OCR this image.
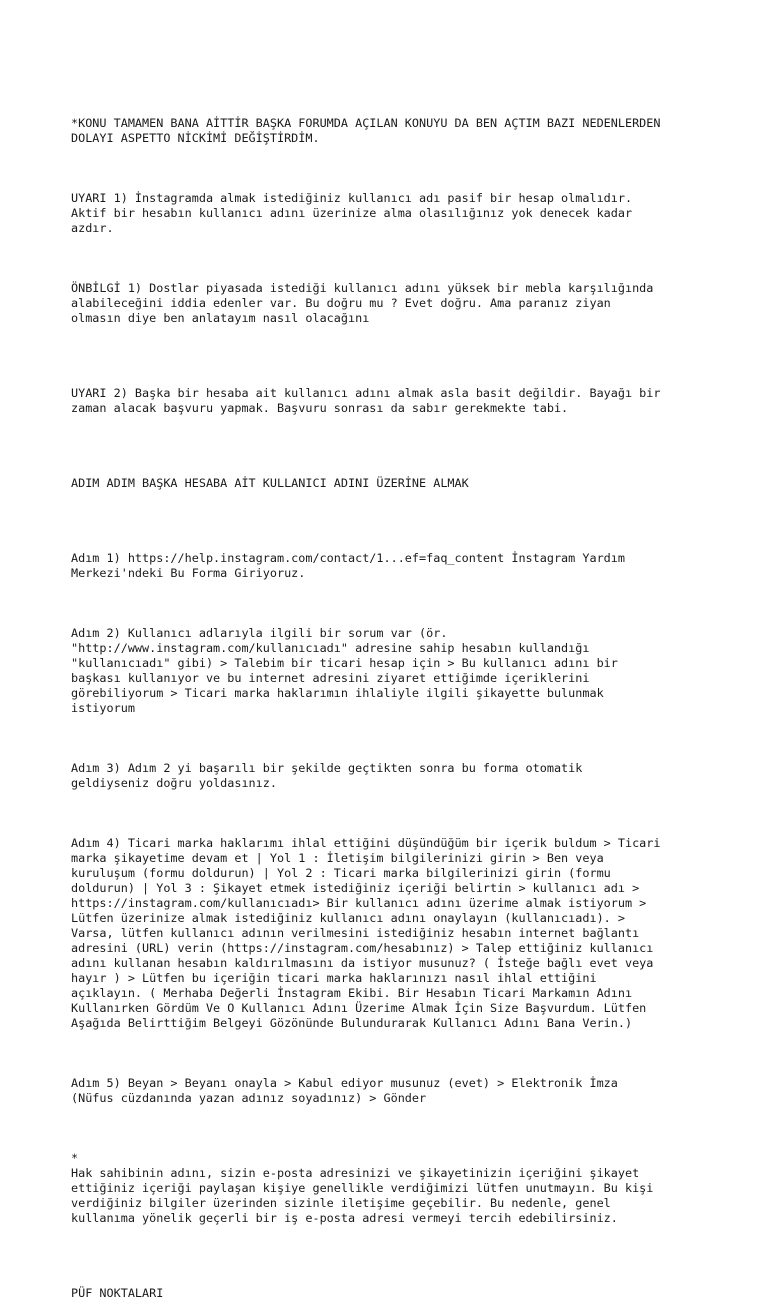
*KONU TAMAMEN BANA AİTTİR BAŞKA FORUMDA AÇILAN KONUYU DA BEN AÇTIM BAZI NEDENLERDEN
DOLAYI ASPETTO NİCKİMİ DEĞİŞTİRDİM.

UYARI 1) İnstagramda almak istediğiniz kullanıcı adı pasif bir hesap olmalıdır.
Aktif bir hesabın kullanıcı adını üzerinize alma olasılığınız yok denecek kadar
azdır.

ÖNBİLGİ 1) Dostlar piyasada istediği kullanıcı adını yüksek bir mebla karşılığında
alabileceğini iddia edenler var. Bu doğru mu ? Evet doğru. Ama paranız ziyan
olmasın diye ben anlatayım nasıl olacağını

UYARI 2) Başka bir hesaba ait kullanıcı adını almak asla basit değildir. Bayağı bir
zaman alacak başvuru yapmak. Başvuru sonrası da sabır gerekmekte tabi.

ADIM ADIM BAŞKA HESABA AİT KULLANICI ADINI ÜZERİNE ALMAK

Adım 1) https://help.instagram.com/contact/1...ef=faq_content İnstagram Yardım
Merkezi'ndeki Bu Forma Giriyoruz.

Adım 2) Kullanıcı adlarıyla ilgili bir sorum var (ör.
"http://www.instagram.com/kullanıcıadı" adresine sahip hesabın kullandığı
"kullanıcıadı" gibi) > Talebim bir ticari hesap için > Bu kullanıcı adını bir
başkası kullanıyor ve bu internet adresini ziyaret ettiğimde içeriklerini
görebiliyorum > Ticari marka haklarımın ihlaliyle ilgili şikayette bulunmak
istiyorum

Adım 3) Adım 2 yi başarılı bir şekilde geçtikten sonra bu forma otomatik
geldiyseniz doğru yoldasınız.

Adım 4) Ticari marka haklarımı ihlal ettiğini düşündüğüm bir içerik buldum > Ticari
marka şikayetime devam et | Yol 1 : İletişim bilgilerinizi girin > Ben veya
kuruluşum (formu doldurun) | Yol 2 : Ticari marka bilgilerinizi girin (formu
doldurun) | Yol 3 : Şikayet etmek istediğiniz içeriği belirtin > kullanıcı adı >
https://instagram.com/kullanıcıadı> Bir kullanıcı adını üzerime almak istiyorum >
Lütfen üzerinize almak istediğiniz kullanıcı adını onaylayın (kullanıcıadı). >
Varsa, lütfen kullanıcı adının verilmesini istediğiniz hesabın internet bağlantı
adresini (URL) verin (https://instagram.com/hesabınız) > Talep ettiğiniz kullanıcı
adını kullanan hesabın kaldırılmasını da istiyor musunuz? ( İsteğe bağlı evet veya
hayır ) > Lütfen bu içeriğin ticari marka haklarınızı nasıl ihlal ettiğini
açıklayın. ( Merhaba Değerli İnstagram Ekibi. Bir Hesabın Ticari Markamın Adını
Kullanırken Gördüm Ve O Kullanıcı Adını Üzerime Almak İçin Size Başvurdum. Lütfen
Aşağıda Belirttiğim Belgeyi Gözönünde Bulundurarak Kullanıcı Adını Bana Verin.)

Adım 5) Beyan > Beyanı onayla > Kabul ediyor musunuz (evet) > Elektronik İmza
(Nüfus cüzdanında yazan adınız soyadınız) > Gönder

*
Hak sahibinin adını, sizin e-posta adresinizi ve şikayetinizin içeriğini şikayet
ettiğiniz içeriği paylaşan kişiye genellikle verdiğimizi lütfen unutmayın. Bu kişi
verdiğiniz bilgiler üzerinden sizinle iletişime geçebilir. Bu nedenle, genel
kullanıma yönelik geçerli bir iş e-posta adresi vermeyi tercih edebilirsiniz.

PÜF NOKTALARI
